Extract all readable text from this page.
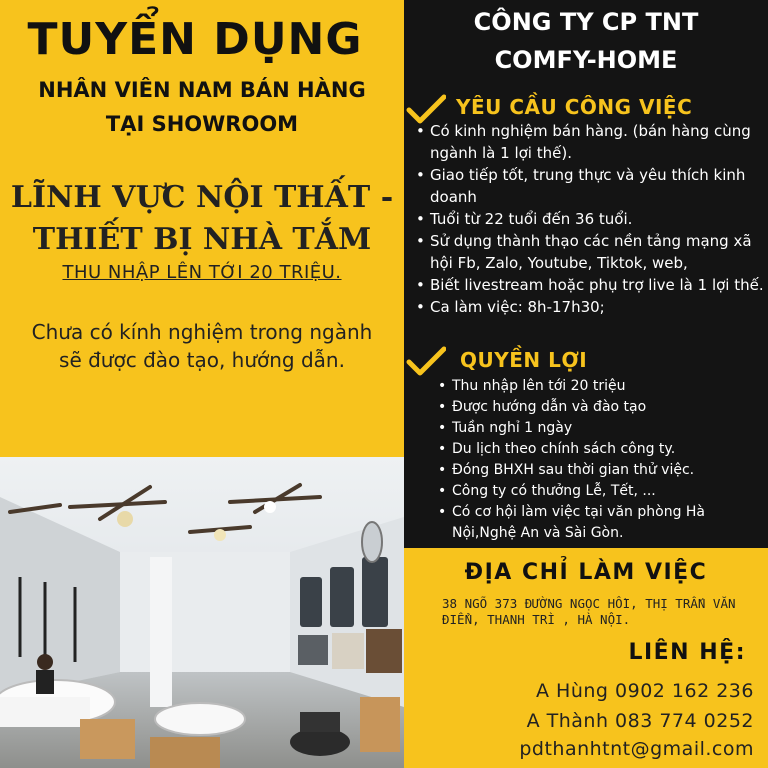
TUYỂN DỤNG
NHÂN VIÊN NAM BÁN HÀNG
TẠI SHOWROOM
LĨNH VỰC NỘI THẤT -
THIẾT BỊ NHÀ TẮM
THU NHẬP LÊN TỚI 20 TRIỆU.
Chưa có kính nghiệm trong ngành sẽ được đào tạo, hướng dẫn.
CÔNG TY CP TNT
COMFY-HOME
YÊU CẦU CÔNG VIỆC
• Có kinh nghiệm bán hàng. (bán hàng cùng ngành là 1 lợi thế).
• Giao tiếp tốt, trung thực và yêu thích kinh doanh
• Tuổi từ 22 tuổi đến 36 tuổi.
• Sử dụng thành thạo các nền tảng mạng xã hội Fb, Zalo, Youtube, Tiktok, web,
• Biết livestream hoặc phụ trợ live là 1 lợi thế.
• Ca làm việc: 8h-17h30;
QUYỀN LỢI
• Thu nhập lên tới 20 triệu
• Được hướng dẫn và đào tạo
• Tuần nghỉ 1 ngày
• Du lịch theo chính sách công ty.
• Đóng BHXH sau thời gian thử việc.
• Công ty có thưởng Lễ, Tết, ...
• Có cơ hội làm việc tại văn phòng Hà Nội,Nghệ An và Sài Gòn.
ĐỊA CHỈ LÀM VIỆC
38 NGÕ 373 ĐƯỜNG NGỌC HỒI, THỊ TRẤN VĂN ĐIỂN, THANH TRÌ , HÀ NỘI.
LIÊN HỆ:
A Hùng 0902 162 236
A Thành 083 774 0252
pdthanhtnt@gmail.com
